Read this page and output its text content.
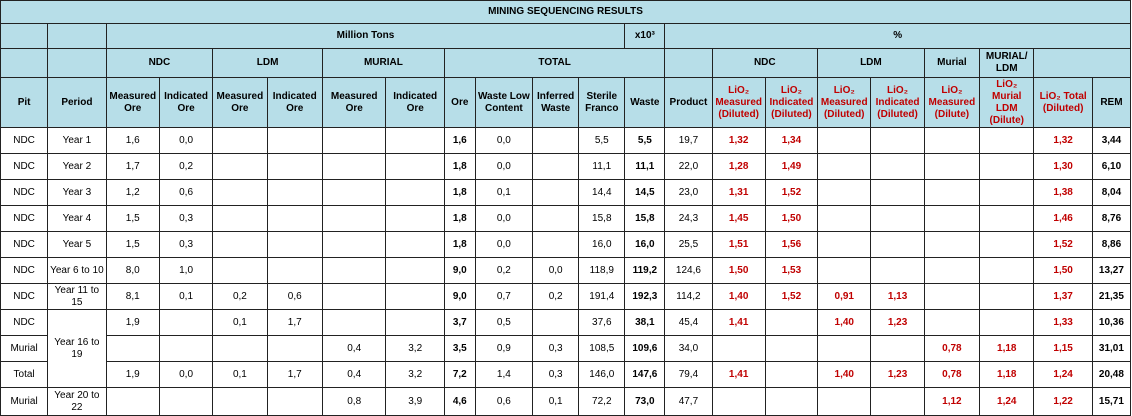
MINING SEQUENCING RESULTS																					
		Million Tons										x10³	%								
		NDC		LDM		MURIAL		TOTAL						NDC		LDM		Murial	MURIAL/ LDM		
Pit	Period	Measured Ore	Indicated Ore	Measured Ore	Indicated Ore	Measured Ore	Indicated Ore	Ore	Waste Low Content	Inferred Waste	Sterile Franco	Waste	Product	LiO₂ Measured (Diluted)	LiO₂ Indicated (Diluted)	LiO₂ Measured (Diluted)	LiO₂ Indicated (Diluted)	LiO₂ Measured (Dilute)	LiO₂ Murial LDM (Dilute)	LiO₂ Total (Diluted)	REM
NDC	Year 1	1,6	0,0					1,6	0,0		5,5	5,5	19,7	1,32	1,34					1,32	3,44
NDC	Year 2	1,7	0,2					1,8	0,0		11,1	11,1	22,0	1,28	1,49					1,30	6,10
NDC	Year 3	1,2	0,6					1,8	0,1		14,4	14,5	23,0	1,31	1,52					1,38	8,04
NDC	Year 4	1,5	0,3					1,8	0,0		15,8	15,8	24,3	1,45	1,50					1,46	8,76
NDC	Year 5	1,5	0,3					1,8	0,0		16,0	16,0	25,5	1,51	1,56					1,52	8,86
NDC	Year 6 to 10	8,0	1,0					9,0	0,2	0,0	118,9	119,2	124,6	1,50	1,53					1,50	13,27
NDC	Year 11 to 15	8,1	0,1	0,2	0,6			9,0	0,7	0,2	191,4	192,3	114,2	1,40	1,52	0,91	1,13			1,37	21,35
NDC	Year 16 to 19	1,9		0,1	1,7			3,7	0,5		37,6	38,1	45,4	1,41		1,40	1,23			1,33	10,36
Murial						0,4	3,2	3,5	0,9	0,3	108,5	109,6	34,0					0,78	1,18	1,15	31,01
Total		1,9	0,0	0,1	1,7	0,4	3,2	7,2	1,4	0,3	146,0	147,6	79,4	1,41		1,40	1,23	0,78	1,18	1,24	20,48
Murial	Year 20 to 22					0,8	3,9	4,6	0,6	0,1	72,2	73,0	47,7					1,12	1,24	1,22	15,71
